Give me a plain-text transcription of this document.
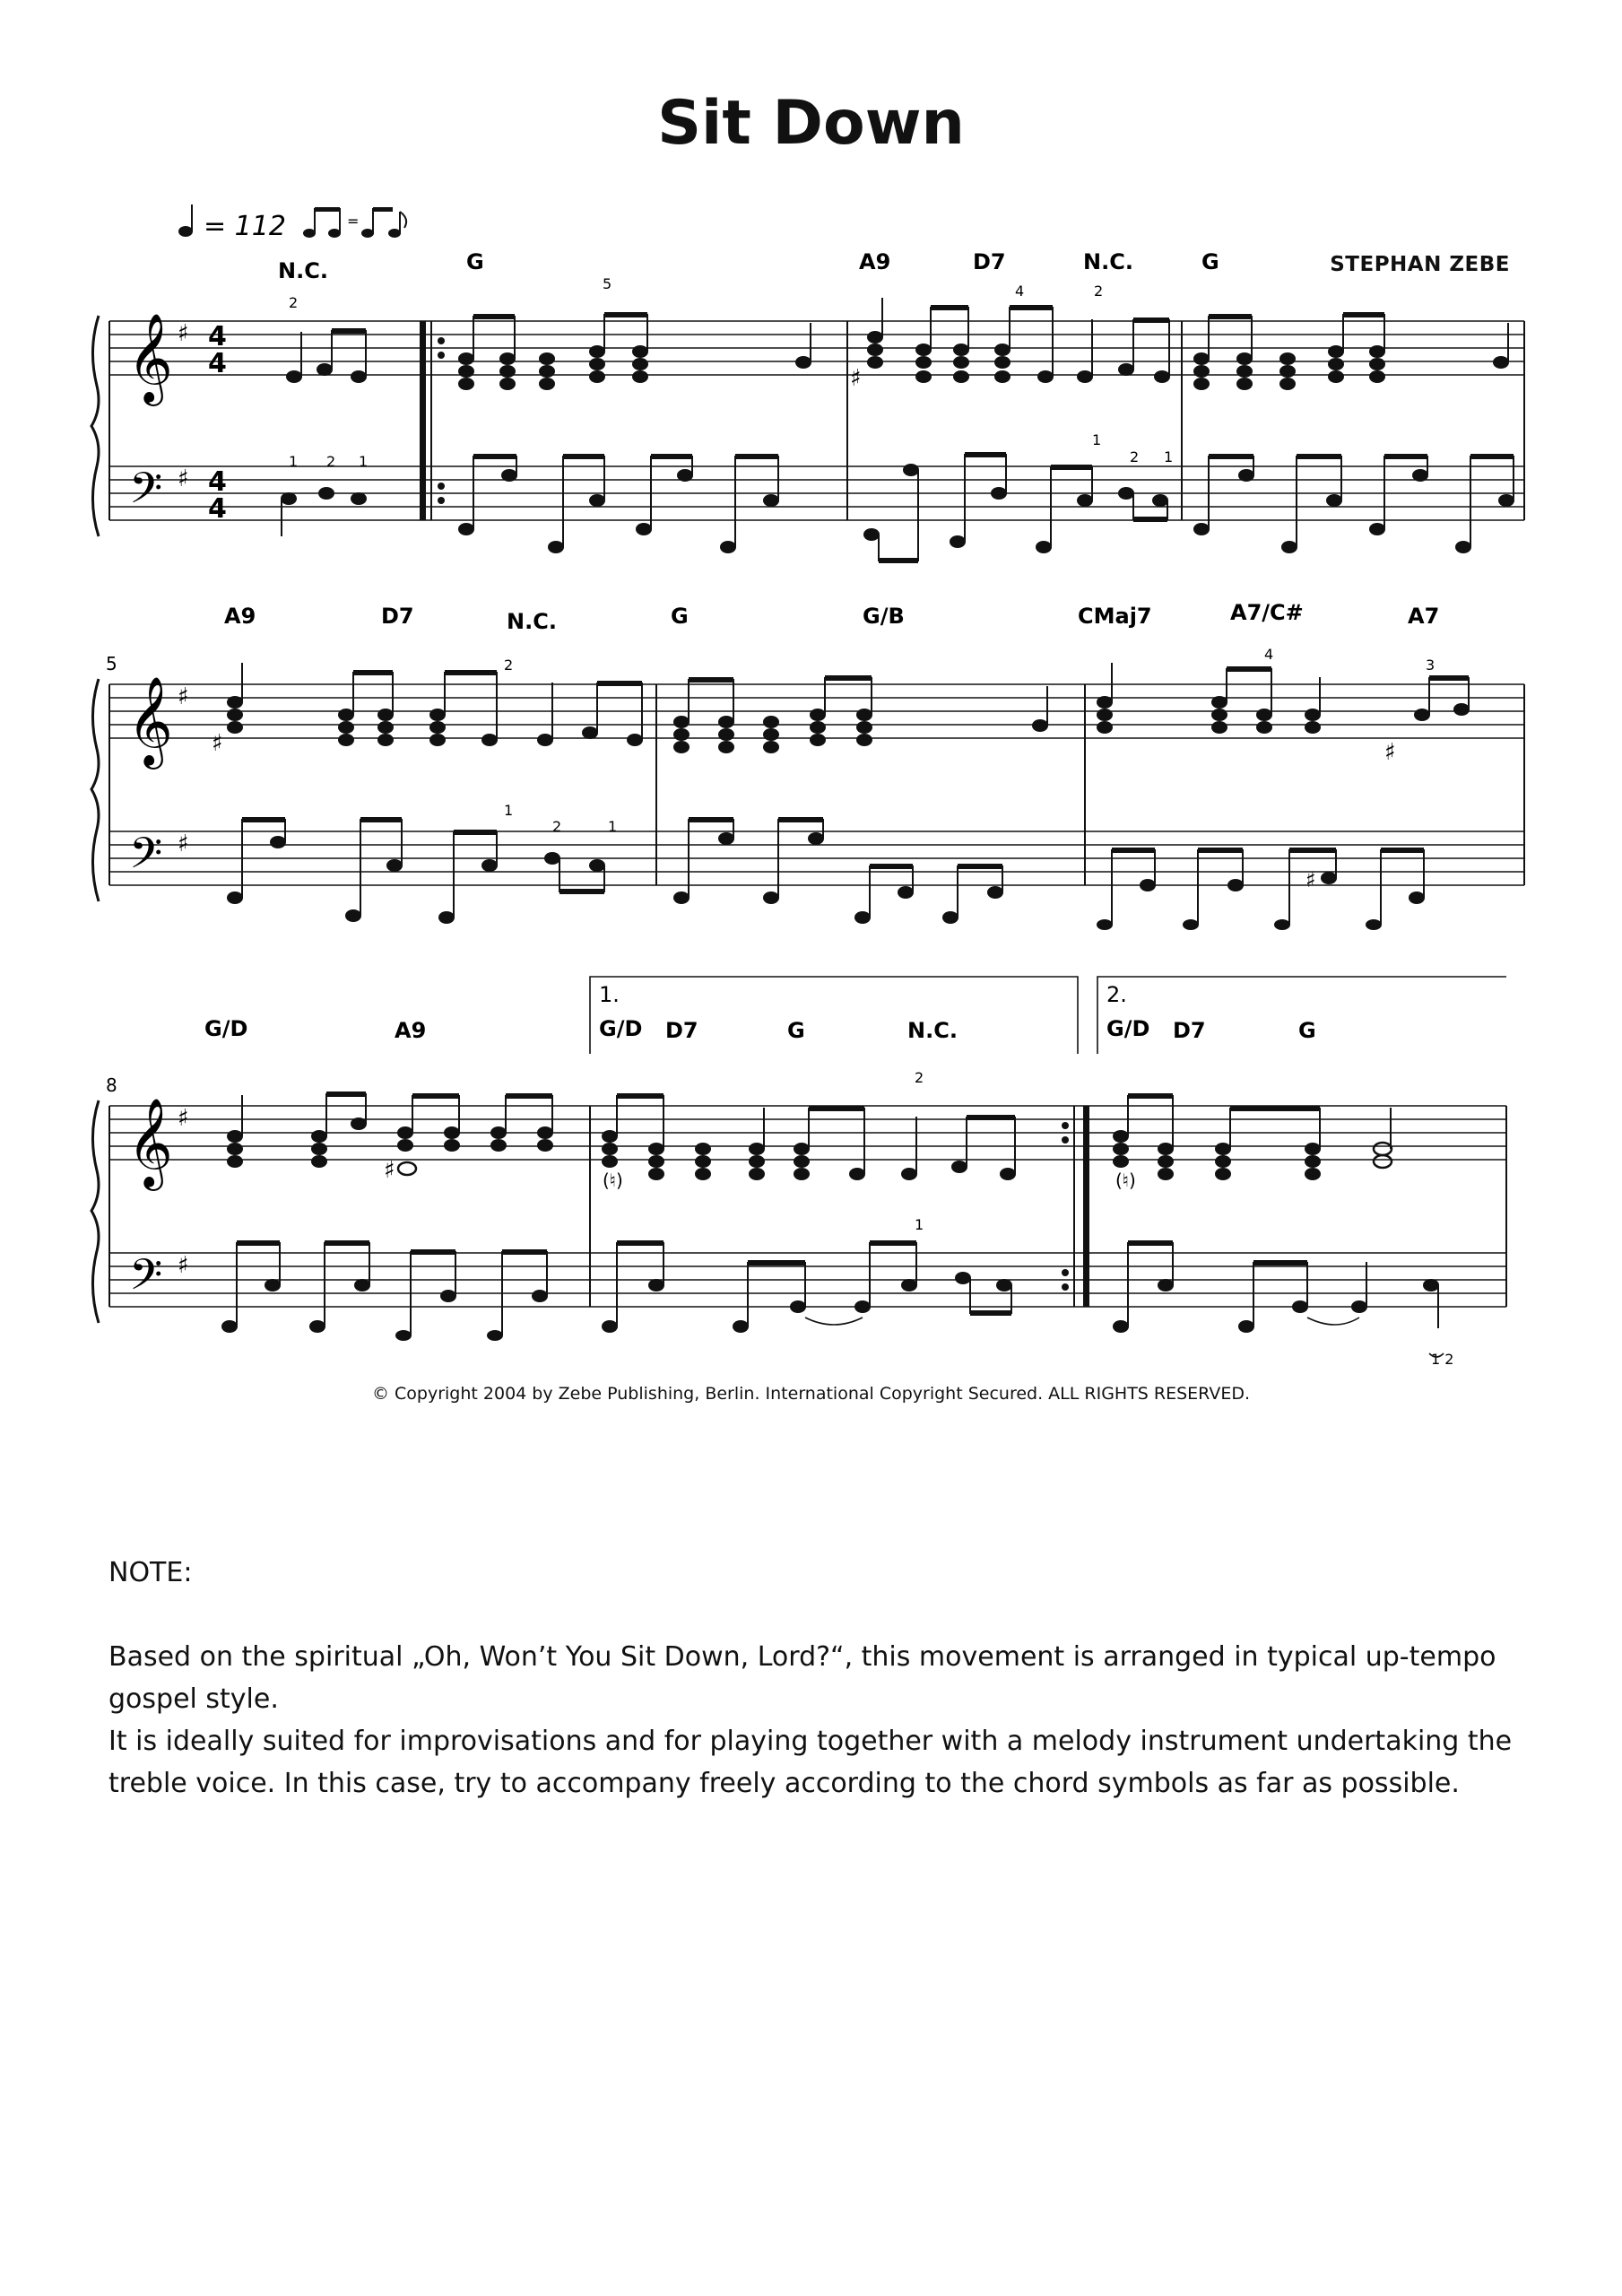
Sit Down
= 112	=
STEPHAN ZEBE
N.C.	G	A9	D7	N.C.	G
𝄞
𝄢
♯
♯
4
4
4
4
2
5	4	2
1 2 1
1
2 1
♯
A9	D7	N.C.	G	G/B	CMaj7	A7/C#	A7
5
𝄞
𝄢
♯
♯
2
4
3
1
2	1
♯	♯
♯
1.	2.
G/D	A9	G/D D7	G	N.C.	G/D D7	G
8
𝄞
𝄢
♯
♯
2
1
1 2
♯	(♮)	(♮)
© Copyright 2004 by Zebe Publishing, Berlin. International Copyright Secured. ALL RIGHTS RESERVED.

NOTE:

Based on the spiritual „Oh, Won’t You Sit Down, Lord?“, this movement is arranged in typical up-tempo gospel style.

It is ideally suited for improvisations and for playing together with a melody instrument undertaking the treble voice. In this case, try to accompany freely according to the chord symbols as far as possible.
